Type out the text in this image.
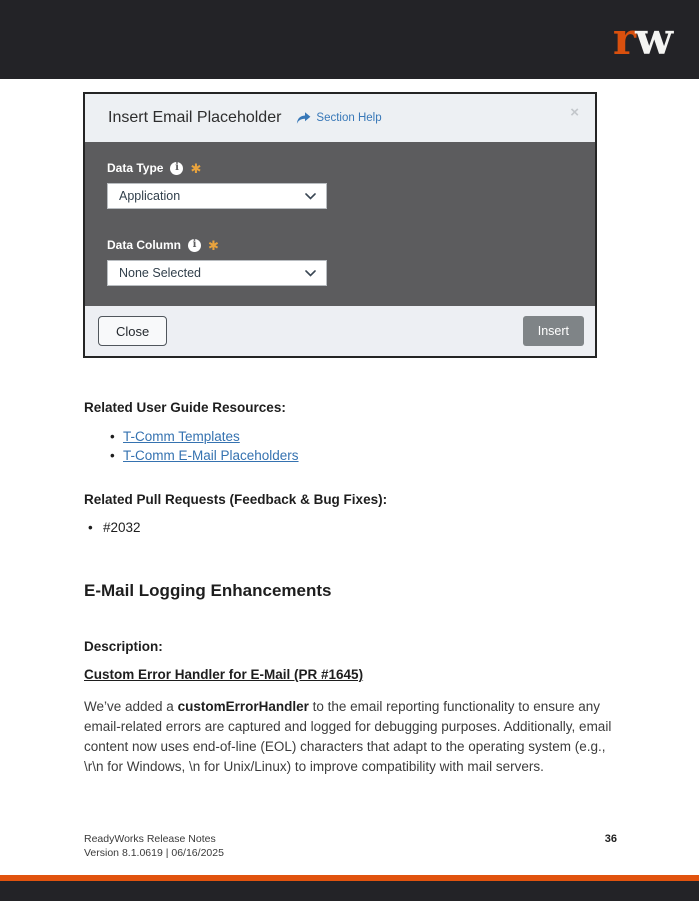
rw
Insert Email Placeholder	Section Help	×
Data Type	i ✱
Application
Data Column	i ✱
None Selected
Close	Insert
Related User Guide Resources:
• T-Comm Templates
• T-Comm E-Mail Placeholders
Related Pull Requests (Feedback & Bug Fixes):
• #2032
E-Mail Logging Enhancements
Description:
Custom Error Handler for E-Mail (PR #1645)

We’ve added a customErrorHandler to the email reporting functionality to ensure any email-related errors are captured and logged for debugging purposes. Additionally, email content now uses end-of-line (EOL) characters that adapt to the operating system (e.g., \r\n for Windows, \n for Unix/Linux) to improve compatibility with mail servers.

ReadyWorks Release Notes
Version 8.1.0619 | 06/16/2025
36
